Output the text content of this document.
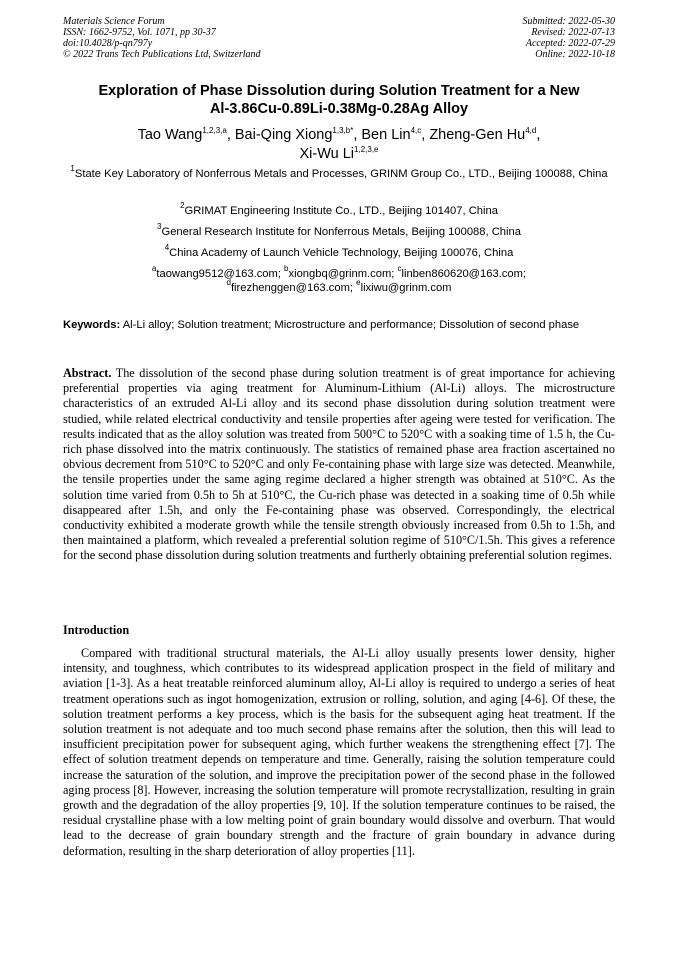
Materials Science Forum
ISSN: 1662-9752, Vol. 1071, pp 30-37
doi:10.4028/p-qn797y
© 2022 Trans Tech Publications Ltd, Switzerland
Submitted: 2022-05-30
Revised: 2022-07-13
Accepted: 2022-07-29
Online: 2022-10-18
Exploration of Phase Dissolution during Solution Treatment for a New
Al-3.86Cu-0.89Li-0.38Mg-0.28Ag Alloy
Tao Wang$^{1,2,3,a}$, Bai-Qing Xiong$^{1,3,b*}$, Ben Lin$^{4,c}$, Zheng-Gen Hu$^{4,d}$,
Xi-Wu Li$^{1,2,3,e}$
$^1$State Key Laboratory of Nonferrous Metals and Processes, GRINM Group Co., LTD., Beijing 100088, China
$^2$GRIMAT Engineering Institute Co., LTD., Beijing 101407, China
$^3$General Research Institute for Nonferrous Metals, Beijing 100088, China
$^4$China Academy of Launch Vehicle Technology, Beijing 100076, China
$^a$taowang9512@163.com; $^b$xiongbq@grinm.com; $^c$linben860620@163.com;
$^d$firezhenggen@163.com; $^e$lixiwu@grinm.com
Keywords: Al-Li alloy; Solution treatment; Microstructure and performance; Dissolution of second phase
Abstract. The dissolution of the second phase during solution treatment is of great importance for achieving preferential properties via aging treatment for Aluminum-Lithium (Al-Li) alloys. The microstructure characteristics of an extruded Al-Li alloy and its second phase dissolution during solution treatment were studied, while related electrical conductivity and tensile properties after ageing were tested for verification. The results indicated that as the alloy solution was treated from 500°C to 520°C with a soaking time of 1.5 h, the Cu-rich phase dissolved into the matrix continuously. The statistics of remained phase area fraction ascertained no obvious decrement from 510°C to 520°C and only Fe-containing phase with large size was detected. Meanwhile, the tensile properties under the same aging regime declared a higher strength was obtained at 510°C. As the solution time varied from 0.5h to 5h at 510°C, the Cu-rich phase was detected in a soaking time of 0.5h while disappeared after 1.5h, and only the Fe-containing phase was observed. Correspondingly, the electrical conductivity exhibited a moderate growth while the tensile strength obviously increased from 0.5h to 1.5h, and then maintained a platform, which revealed a preferential solution regime of 510°C/1.5h. This gives a reference for the second phase dissolution during solution treatments and furtherly obtaining preferential solution regimes.
Introduction

Compared with traditional structural materials, the Al-Li alloy usually presents lower density, higher intensity, and toughness, which contributes to its widespread application prospect in the field of military and aviation [1-3]. As a heat treatable reinforced aluminum alloy, Al-Li alloy is required to undergo a series of heat treatment operations such as ingot homogenization, extrusion or rolling, solution, and aging [4-6]. Of these, the solution treatment performs a key process, which is the basis for the subsequent aging heat treatment. If the solution treatment is not adequate and too much second phase remains after the solution, then this will lead to insufficient precipitation power for subsequent aging, which further weakens the strengthening effect [7]. The effect of solution treatment depends on temperature and time. Generally, raising the solution temperature could increase the saturation of the solution, and improve the precipitation power of the second phase in the followed aging process [8]. However, increasing the solution temperature will promote recrystallization, resulting in grain growth and the degradation of the alloy properties [9, 10]. If the solution temperature continues to be raised, the residual crystalline phase with a low melting point of grain boundary would dissolve and overburn. That would lead to the decrease of grain boundary strength and the fracture of grain boundary in advance during deformation, resulting in the sharp deterioration of alloy properties [11].
